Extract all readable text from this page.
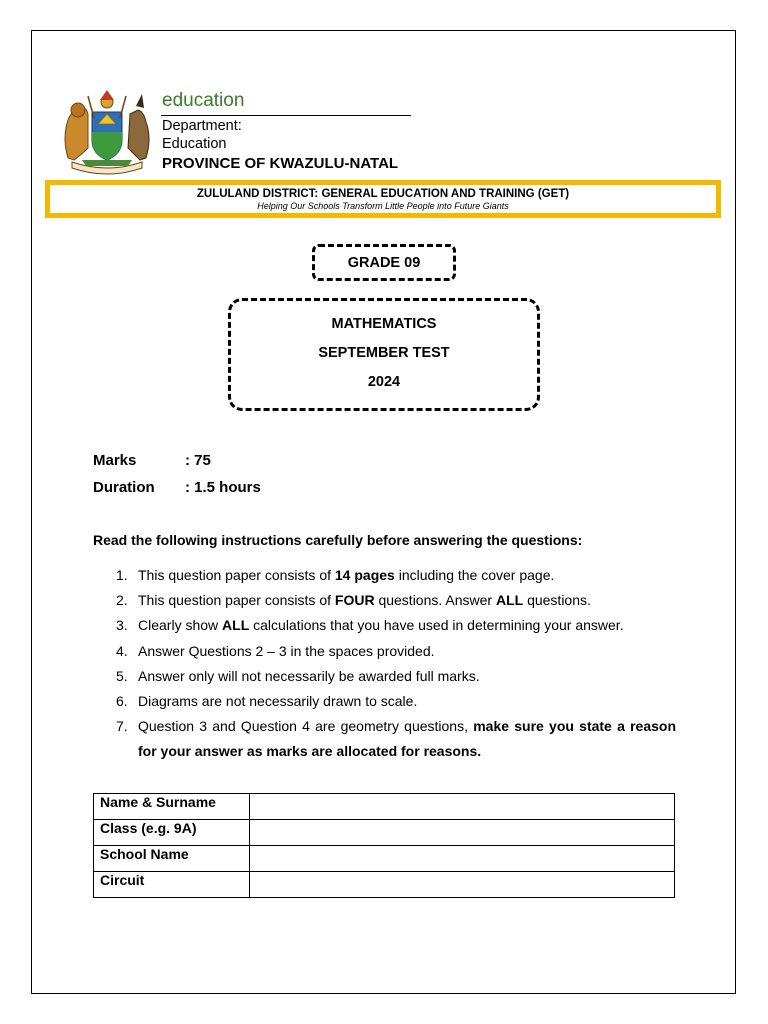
education
Department:
Education
PROVINCE OF KWAZULU-NATAL
ZULULAND DISTRICT: GENERAL EDUCATION AND TRAINING (GET)
Helping Our Schools Transform Little People into Future Giants
GRADE 09
MATHEMATICS
SEPTEMBER TEST
2024
Marks	: 75
Duration : 1.5 hours
Read the following instructions carefully before answering the questions:
1. This question paper consists of 14 pages including the cover page.
2. This question paper consists of FOUR questions. Answer ALL questions.
3. Clearly show ALL calculations that you have used in determining your answer.
4. Answer Questions 2 – 3 in the spaces provided.
5. Answer only will not necessarily be awarded full marks.
6. Diagrams are not necessarily drawn to scale.
7. Question 3 and Question 4 are geometry questions, make sure you state a reason for your answer as marks are allocated for reasons.
Name & Surname	
Class (e.g. 9A)	
School Name	
Circuit	
